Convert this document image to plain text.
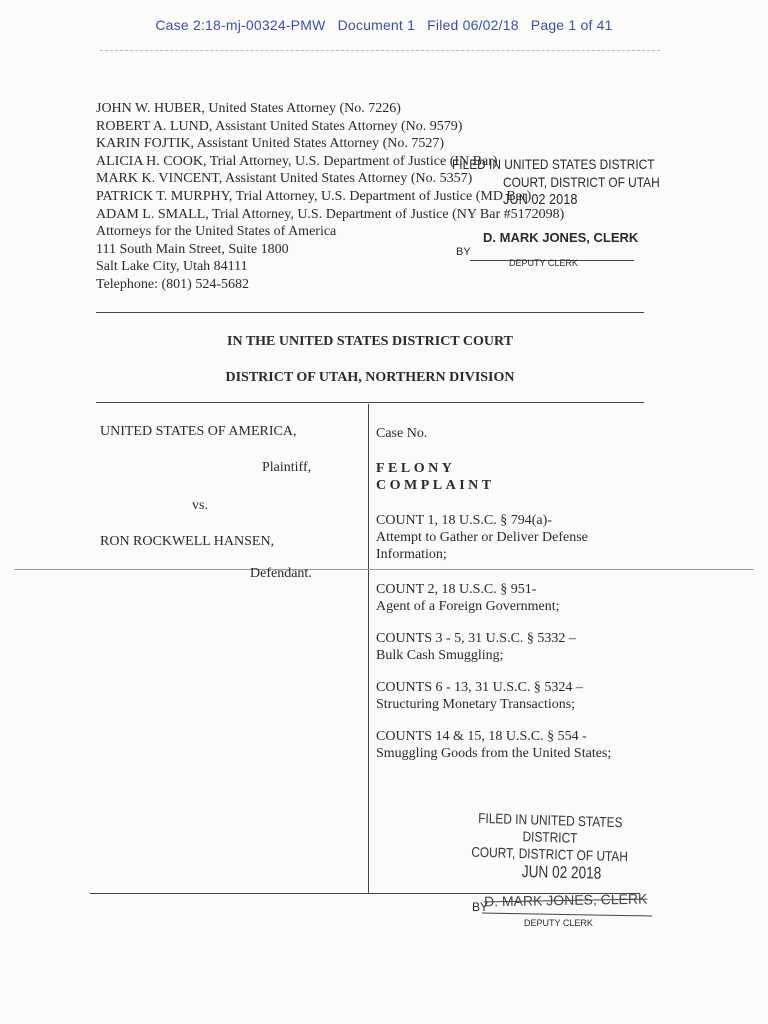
Case 2:18-mj-00324-PMW Document 1 Filed 06/02/18 Page 1 of 41
JOHN W. HUBER, United States Attorney (No. 7226)
ROBERT A. LUND, Assistant United States Attorney (No. 9579)
KARIN FOJTIK, Assistant United States Attorney (No. 7527)
ALICIA H. COOK, Trial Attorney, U.S. Department of Justice (IN Bar)
MARK K. VINCENT, Assistant United States Attorney (No. 5357)
PATRICK T. MURPHY, Trial Attorney, U.S. Department of Justice (MD Bar)
ADAM L. SMALL, Trial Attorney, U.S. Department of Justice (NY Bar #5172098)
Attorneys for the United States of America
111 South Main Street, Suite 1800
Salt Lake City, Utah 84111
Telephone: (801) 524-5682
FILED IN UNITED STATES DISTRICT
COURT, DISTRICT OF UTAH
JUN 02 2018
D. MARK JONES, CLERK
BY
DEPUTY CLERK
IN THE UNITED STATES DISTRICT COURT
DISTRICT OF UTAH, NORTHERN DIVISION
UNITED STATES OF AMERICA,
Plaintiff,
vs.
RON ROCKWELL HANSEN,
Defendant.
Case No.
FELONY
COMPLAINT
COUNT 1, 18 U.S.C. § 794(a)-
Attempt to Gather or Deliver Defense
Information;
COUNT 2, 18 U.S.C. § 951-
Agent of a Foreign Government;
COUNTS 3 - 5, 31 U.S.C. § 5332 –
Bulk Cash Smuggling;
COUNTS 6 - 13, 31 U.S.C. § 5324 –
Structuring Monetary Transactions;
COUNTS 14 & 15, 18 U.S.C. § 554 -
Smuggling Goods from the United States;
FILED IN UNITED STATES DISTRICT
COURT, DISTRICT OF UTAH
JUN 02 2018
D. MARK JONES, CLERK
BY
DEPUTY CLERK
